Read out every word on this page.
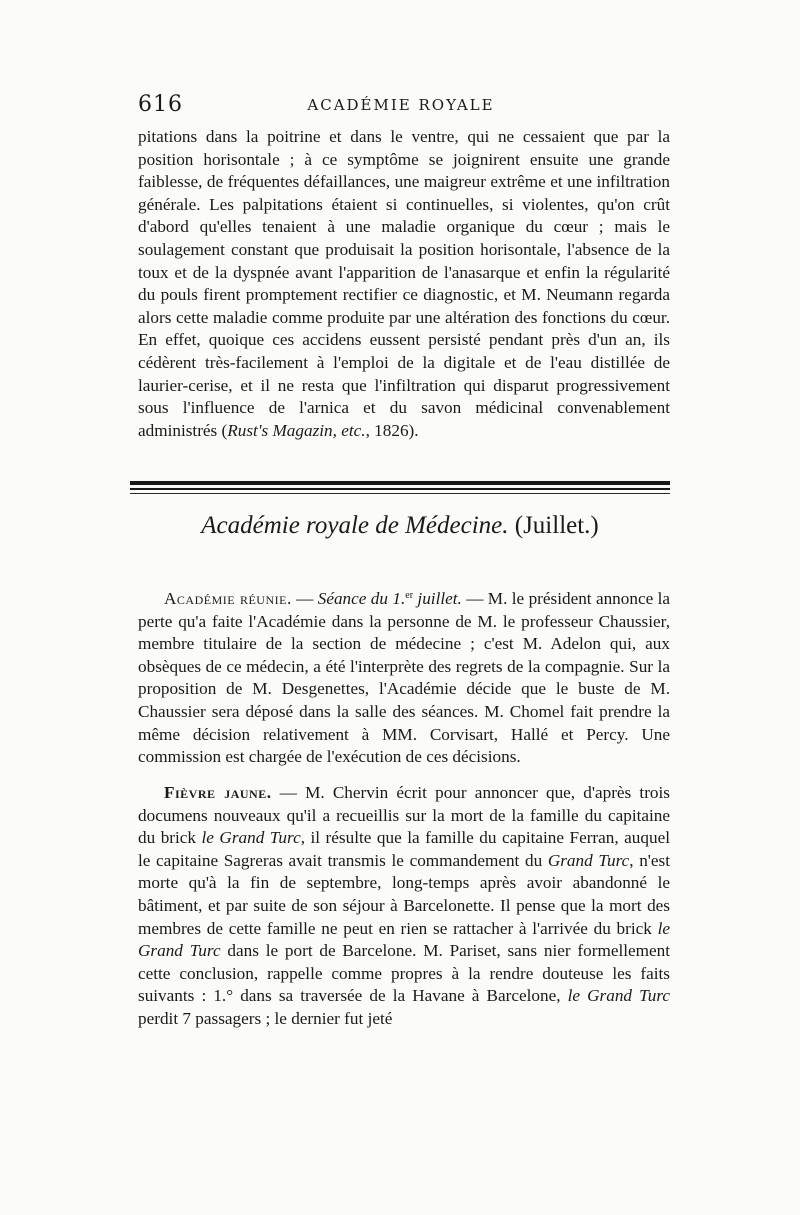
616	ACADÉMIE ROYALE

pitations dans la poitrine et dans le ventre, qui ne cessaient que par la position horisontale ; à ce symptôme se joignirent ensuite une grande faiblesse, de fréquentes défaillances, une maigreur extrême et une infiltration générale. Les palpitations étaient si continuelles, si violentes, qu'on crût d'abord qu'elles tenaient à une maladie organique du cœur ; mais le soulagement constant que produisait la position horisontale, l'absence de la toux et de la dyspnée avant l'apparition de l'anasarque et enfin la régularité du pouls firent promptement rectifier ce diagnostic, et M. Neumann regarda alors cette maladie comme produite par une altération des fonctions du cœur. En effet, quoique ces accidens eussent persisté pendant près d'un an, ils cédèrent très-facilement à l'emploi de la digitale et de l'eau distillée de laurier-cerise, et il ne resta que l'infiltration qui disparut progressivement sous l'influence de l'arnica et du savon médicinal convenablement administrés (Rust's Magazin, etc., 1826).

Académie royale de Médecine. (Juillet.)

Académie réunie. — Séance du 1.$^{er}$ juillet. — M. le président annonce la perte qu'a faite l'Académie dans la personne de M. le professeur Chaussier, membre titulaire de la section de médecine ; c'est M. Adelon qui, aux obsèques de ce médecin, a été l'interprète des regrets de la compagnie. Sur la proposition de M. Desgenettes, l'Académie décide que le buste de M. Chaussier sera déposé dans la salle des séances. M. Chomel fait prendre la même décision relativement à MM. Corvisart, Hallé et Percy. Une commission est chargée de l'exécution de ces décisions.

Fièvre jaune. — M. Chervin écrit pour annoncer que, d'après trois documens nouveaux qu'il a recueillis sur la mort de la famille du capitaine du brick le Grand Turc, il résulte que la famille du capitaine Ferran, auquel le capitaine Sagreras avait transmis le commandement du Grand Turc, n'est morte qu'à la fin de septembre, long-temps après avoir abandonné le bâtiment, et par suite de son séjour à Barcelonette. Il pense que la mort des membres de cette famille ne peut en rien se rattacher à l'arrivée du brick le Grand Turc dans le port de Barcelone. M. Pariset, sans nier formellement cette conclusion, rappelle comme propres à la rendre douteuse les faits suivants : 1.° dans sa traversée de la Havane à Barcelone, le Grand Turc perdit 7 passagers ; le dernier fut jeté
